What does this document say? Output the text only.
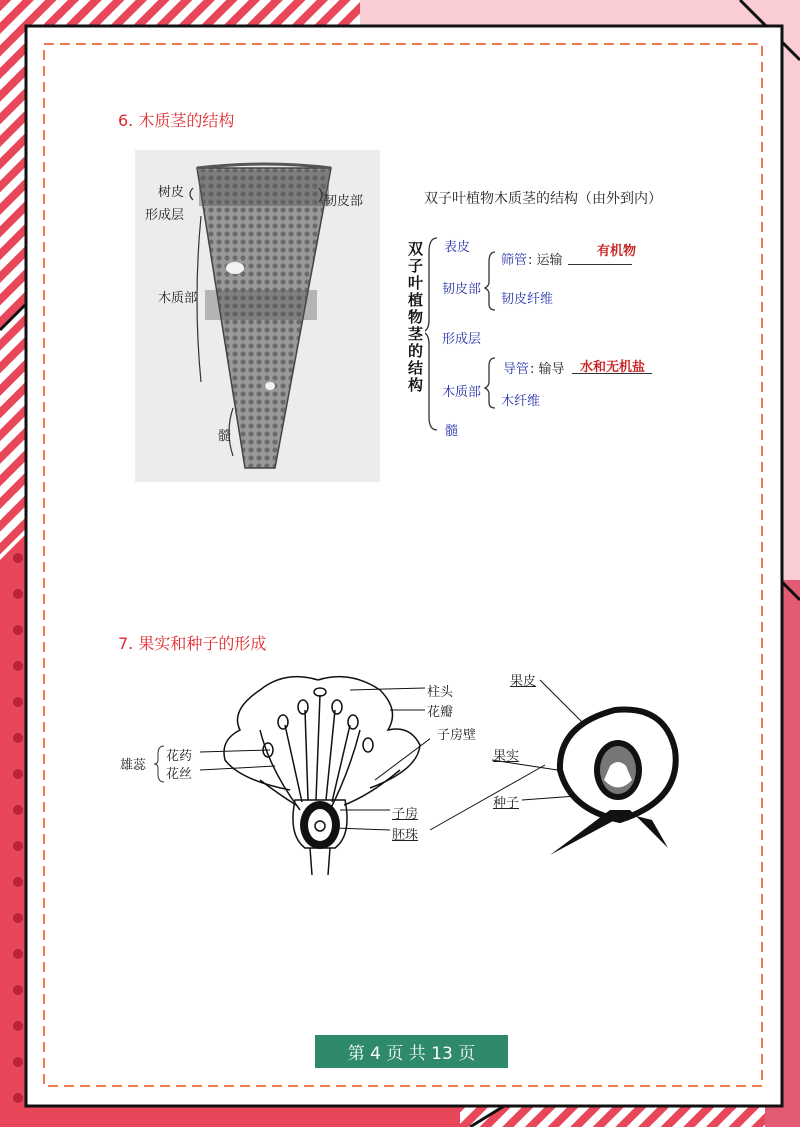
6. 木质茎的结构
树皮
韧皮部
形成层
木质部
髓
双子叶植物木质茎的结构（由外到内）
双
子
叶
植
物
茎
的
结
构
表皮
韧皮部
筛管 : 运输
有机物
韧皮纤维
形成层
导管 : 输导 水和无机盐
木质部
木纤维
髓
7. 果实和种子的形成
雄蕊
花药
花丝
柱头
花瓣
子房壁
子房
胚珠
果皮
果实
种子
第 4 页 共 13 页
